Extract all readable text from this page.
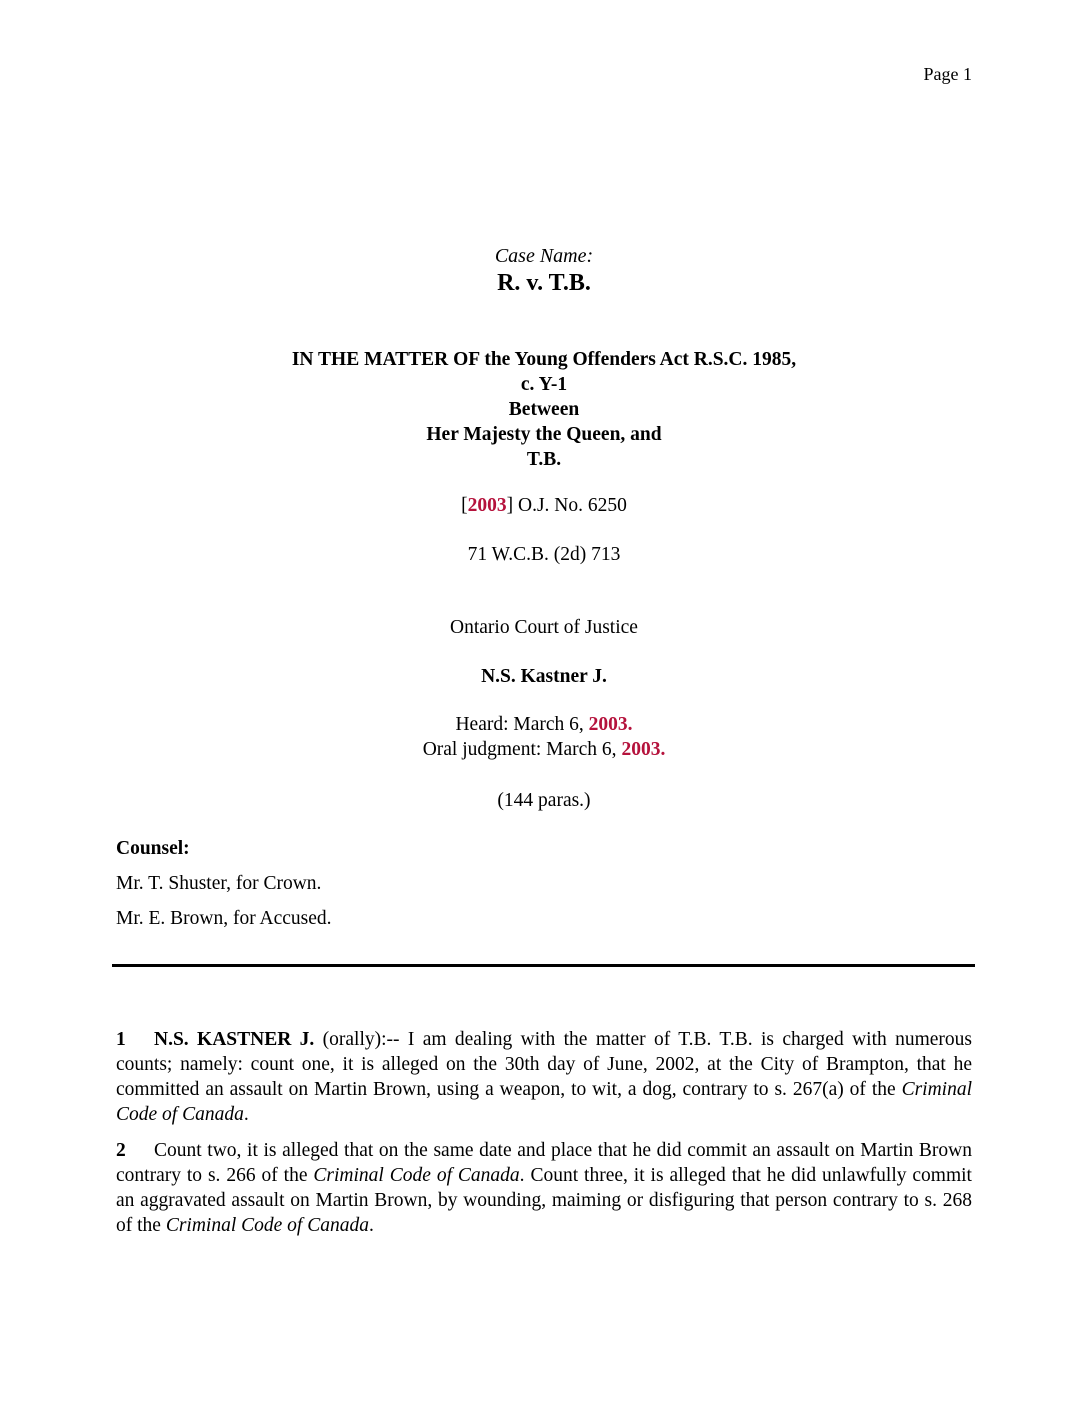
Page 1
Case Name:
R. v. T.B.
IN THE MATTER OF the Young Offenders Act R.S.C. 1985,
c. Y-1
Between
Her Majesty the Queen, and
T.B.
[2003] O.J. No. 6250
71 W.C.B. (2d) 713
Ontario Court of Justice
N.S. Kastner J.
Heard: March 6, 2003.
Oral judgment: March 6, 2003.
(144 paras.)
Counsel:
Mr. T. Shuster, for Crown.
Mr. E. Brown, for Accused.
1 N.S. KASTNER J. (orally):-- I am dealing with the matter of T.B. T.B. is charged with numerous counts; namely: count one, it is alleged on the 30th day of June, 2002, at the City of Brampton, that he committed an assault on Martin Brown, using a weapon, to wit, a dog, contrary to s. 267(a) of the Criminal Code of Canada.
2 Count two, it is alleged that on the same date and place that he did commit an assault on Martin Brown contrary to s. 266 of the Criminal Code of Canada. Count three, it is alleged that he did unlawfully commit an aggravated assault on Martin Brown, by wounding, maiming or disfiguring that person contrary to s. 268 of the Criminal Code of Canada.
